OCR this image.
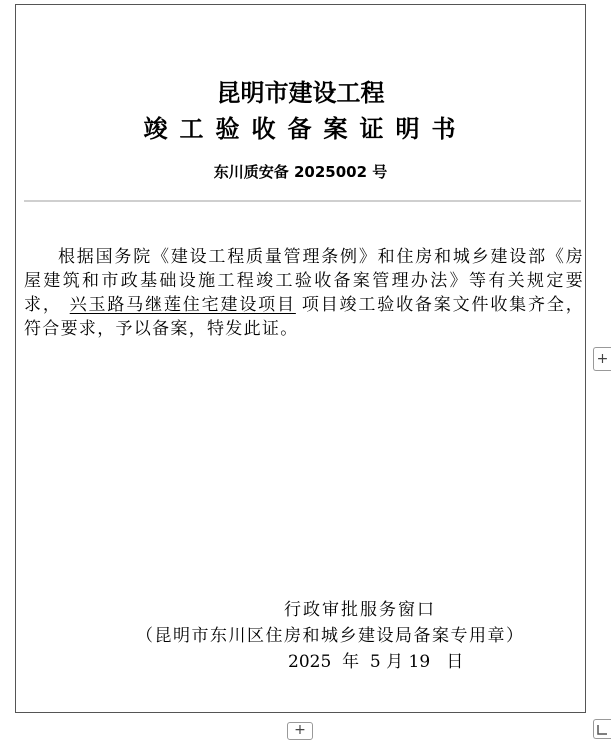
昆明市建设工程
竣工验收备案证明书
东川质安备 2025002 号
根据国务院《建设工程质量管理条例》和住房和城乡建设部《房屋建筑和市政基础设施工程竣工验收备案管理办法》等有关规定要求， 兴玉路马继莲住宅建设项目 项目竣工验收备案文件收集齐全，符合要求，予以备案，特发此证。
行政审批服务窗口
（昆明市东川区住房和城乡建设局备案专用章）
2025  年  5 月 19   日
+
+
